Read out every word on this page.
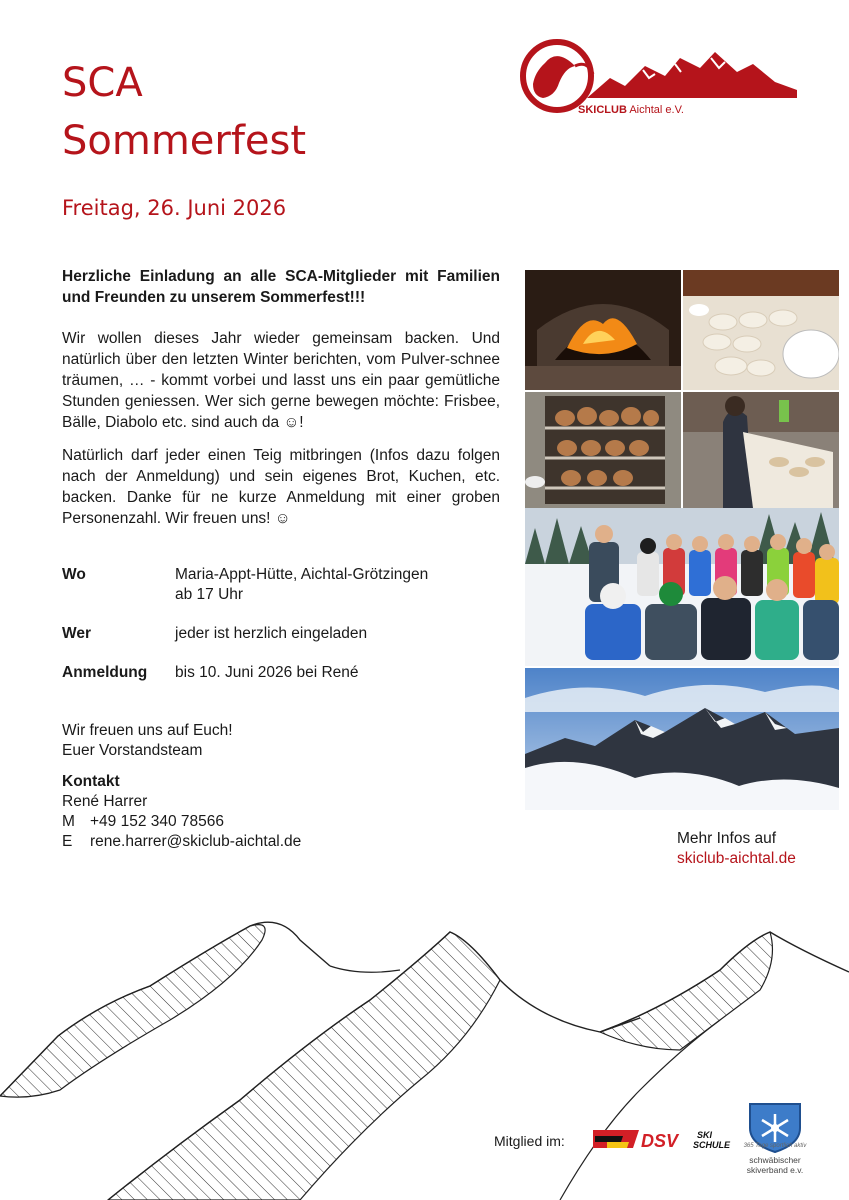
SCA
Sommerfest
Freitag, 26. Juni 2026
SKICLUB Aichtal e.V.
Herzliche Einladung an alle SCA-Mitglieder mit Familien und Freunden zu unserem Sommerfest!!!
Wir wollen dieses Jahr wieder gemeinsam backen. Und natürlich über den letzten Winter berichten, vom Pulver-schnee träumen, … - kommt vorbei und lasst uns ein paar gemütliche Stunden geniessen. Wer sich gerne bewegen möchte: Frisbee, Bälle, Diabolo etc. sind auch da ☺!
Natürlich darf jeder einen Teig mitbringen (Infos dazu folgen nach der Anmeldung) und sein eigenes Brot, Kuchen, etc. backen. Danke für ne kurze Anmeldung mit einer groben Personenzahl. Wir freuen uns! ☺
Wo	Maria-Appt-Hütte, Aichtal-Grötzingen
ab 17 Uhr
Wer	jeder ist herzlich eingeladen
Anmeldung	bis 10. Juni 2026 bei René
Wir freuen uns auf Euch!
Euer Vorstandsteam
Kontakt
René Harrer
M +49 152 340 78566
E rene.harrer@skiclub-aichtal.de	Mehr Infos auf
skiclub-aichtal.de
Mitglied im:	DSV SKI
SCHULE 365 Tage sportlich aktiv
schwäbischer
skiverband e.v.
